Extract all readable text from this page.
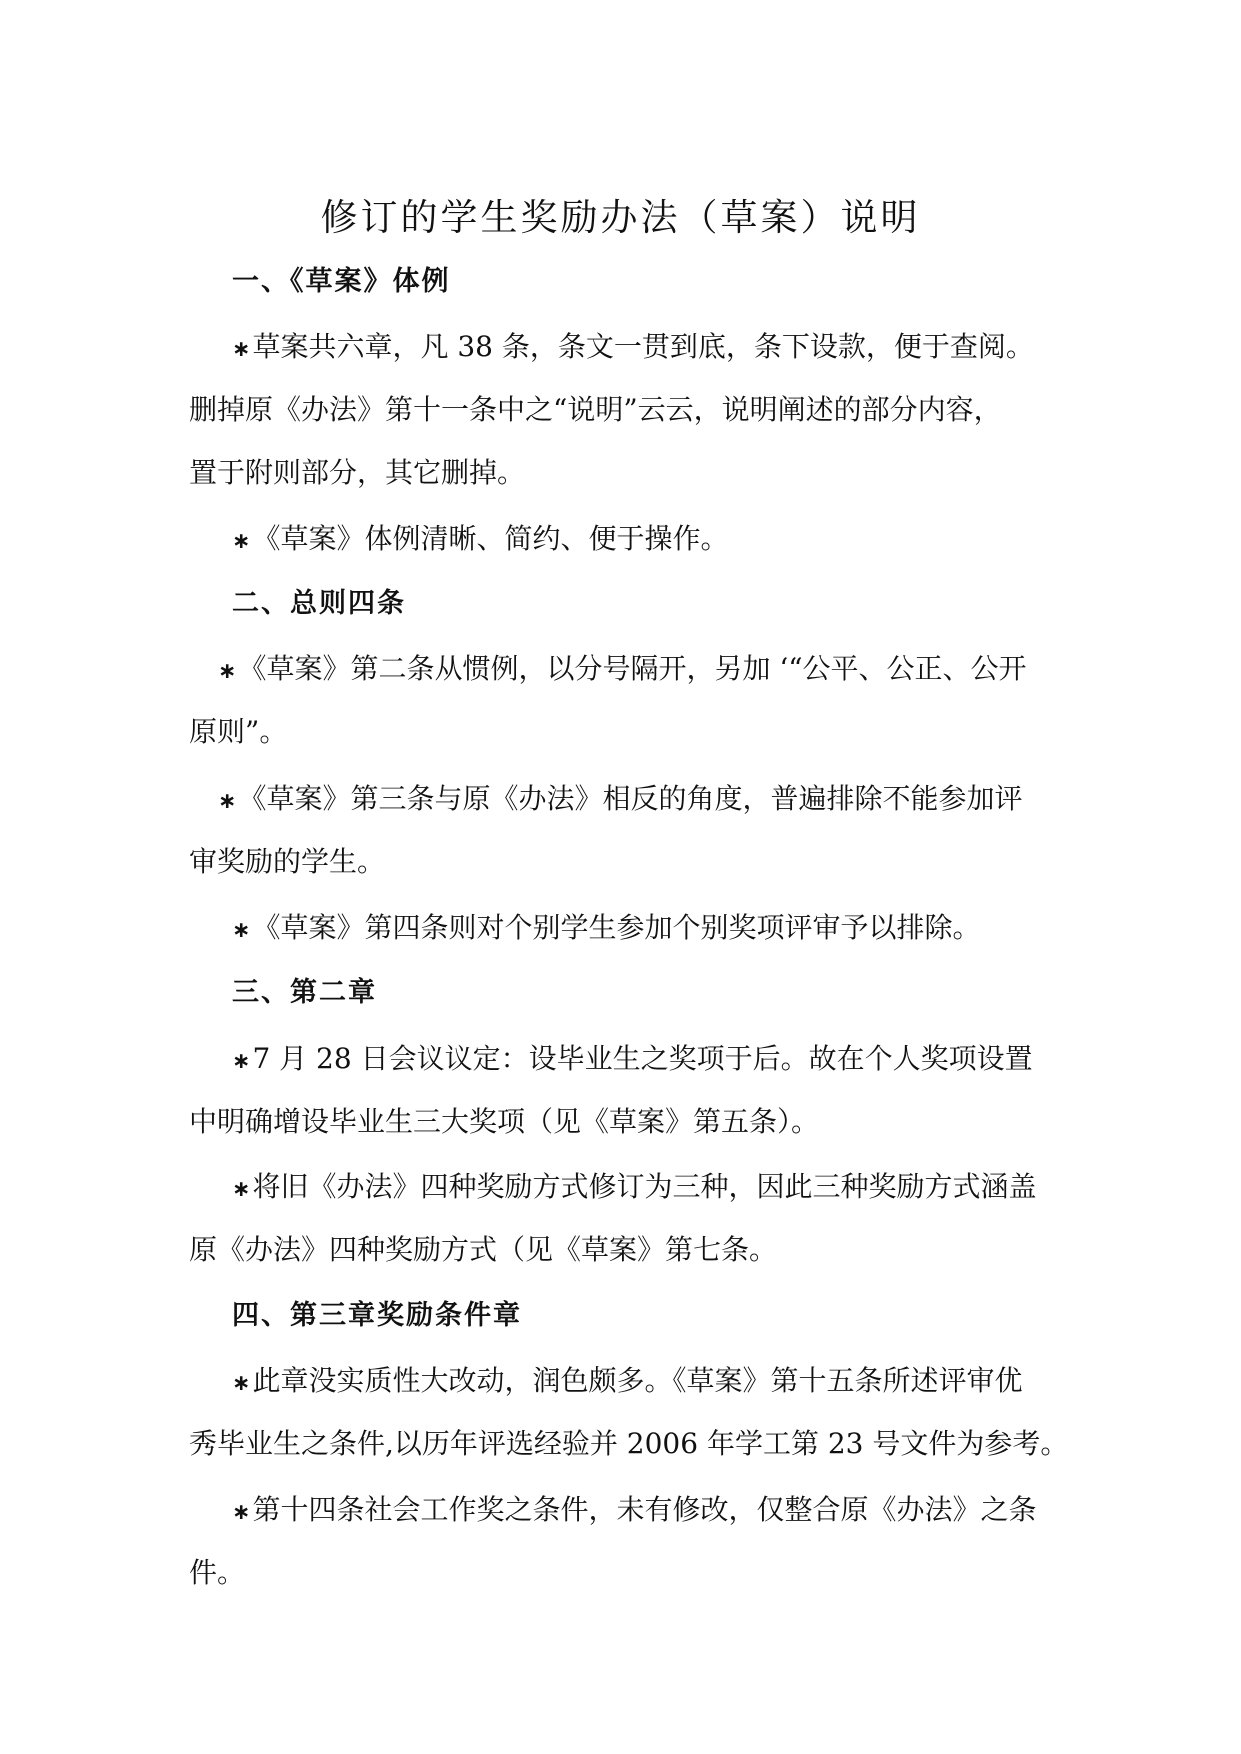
修订的学生奖励办法（草案）说明
一、《草案》体例
∗草案共六章，凡 38 条，条文一贯到底，条下设款，便于查阅。
删掉原《办法》第十一条中之“说明”云云，说明阐述的部分内容，
置于附则部分，其它删掉。
∗《草案》体例清晰、简约、便于操作。
二、总则四条
∗《草案》第二条从惯例，以分号隔开，另加 ‘“公平、公正、公开
原则”。
∗《草案》第三条与原《办法》相反的角度，普遍排除不能参加评
审奖励的学生。
∗《草案》第四条则对个别学生参加个别奖项评审予以排除。
三、第二章
∗7 月 28 日会议议定：设毕业生之奖项于后。故在个人奖项设置
中明确增设毕业生三大奖项（见《草案》第五条）。
∗将旧《办法》四种奖励方式修订为三种，因此三种奖励方式涵盖
原《办法》四种奖励方式（见《草案》第七条。
四、第三章奖励条件章
∗此章没实质性大改动，润色颇多。《草案》第十五条所述评审优
秀毕业生之条件,以历年评选经验并 2006 年学工第 23 号文件为参考。
∗第十四条社会工作奖之条件，未有修改，仅整合原《办法》之条
件。
